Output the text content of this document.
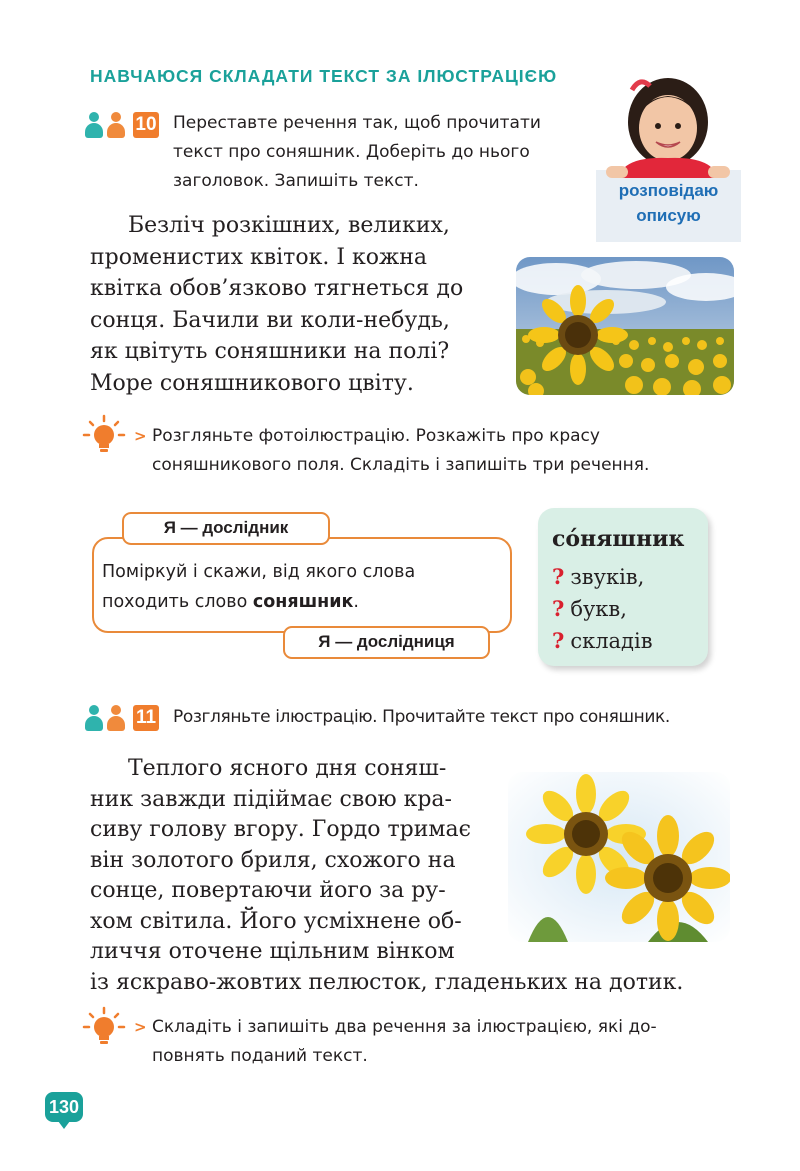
НАВЧАЮСЯ СКЛАДАТИ ТЕКСТ ЗА ІЛЮСТРАЦІЄЮ
10 Переставте речення так, щоб прочитати
текст про соняшник. Доберіть до нього
заголовок. Запишіть текст.	розповідаю
описую
Безліч розкішних, великих,
променистих квіток. І кожна
квітка обов’язково тягнеться до
сонця. Бачили ви коли-небудь,
як цвітуть соняшники на полі?
Море соняшникового цвіту.
> Розгляньте фотоілюстрацію. Розкажіть про красу
соняшникового поля. Складіть і запишіть три речення.
Я — дослідник
Поміркуй і скажи, від якого слова
походить слово соняшник.
Я — дослідниця
со́няшник
? звуків,
? букв,
? складів
11 Розгляньте ілюстрацію. Прочитайте текст про соняшник.
Теплого ясного дня соняш-
ник завжди підіймає свою кра-
сиву голову вгору. Гордо тримає
він золотого бриля, схожого на
сонце, повертаючи його за ру-
хом світила. Його усміхнене об-
личчя оточене щільним вінком
із яскраво-жовтих пелюсток, гладеньких на дотик.
> Складіть і запишіть два речення за ілюстрацією, які до-
повнять поданий текст.
130
